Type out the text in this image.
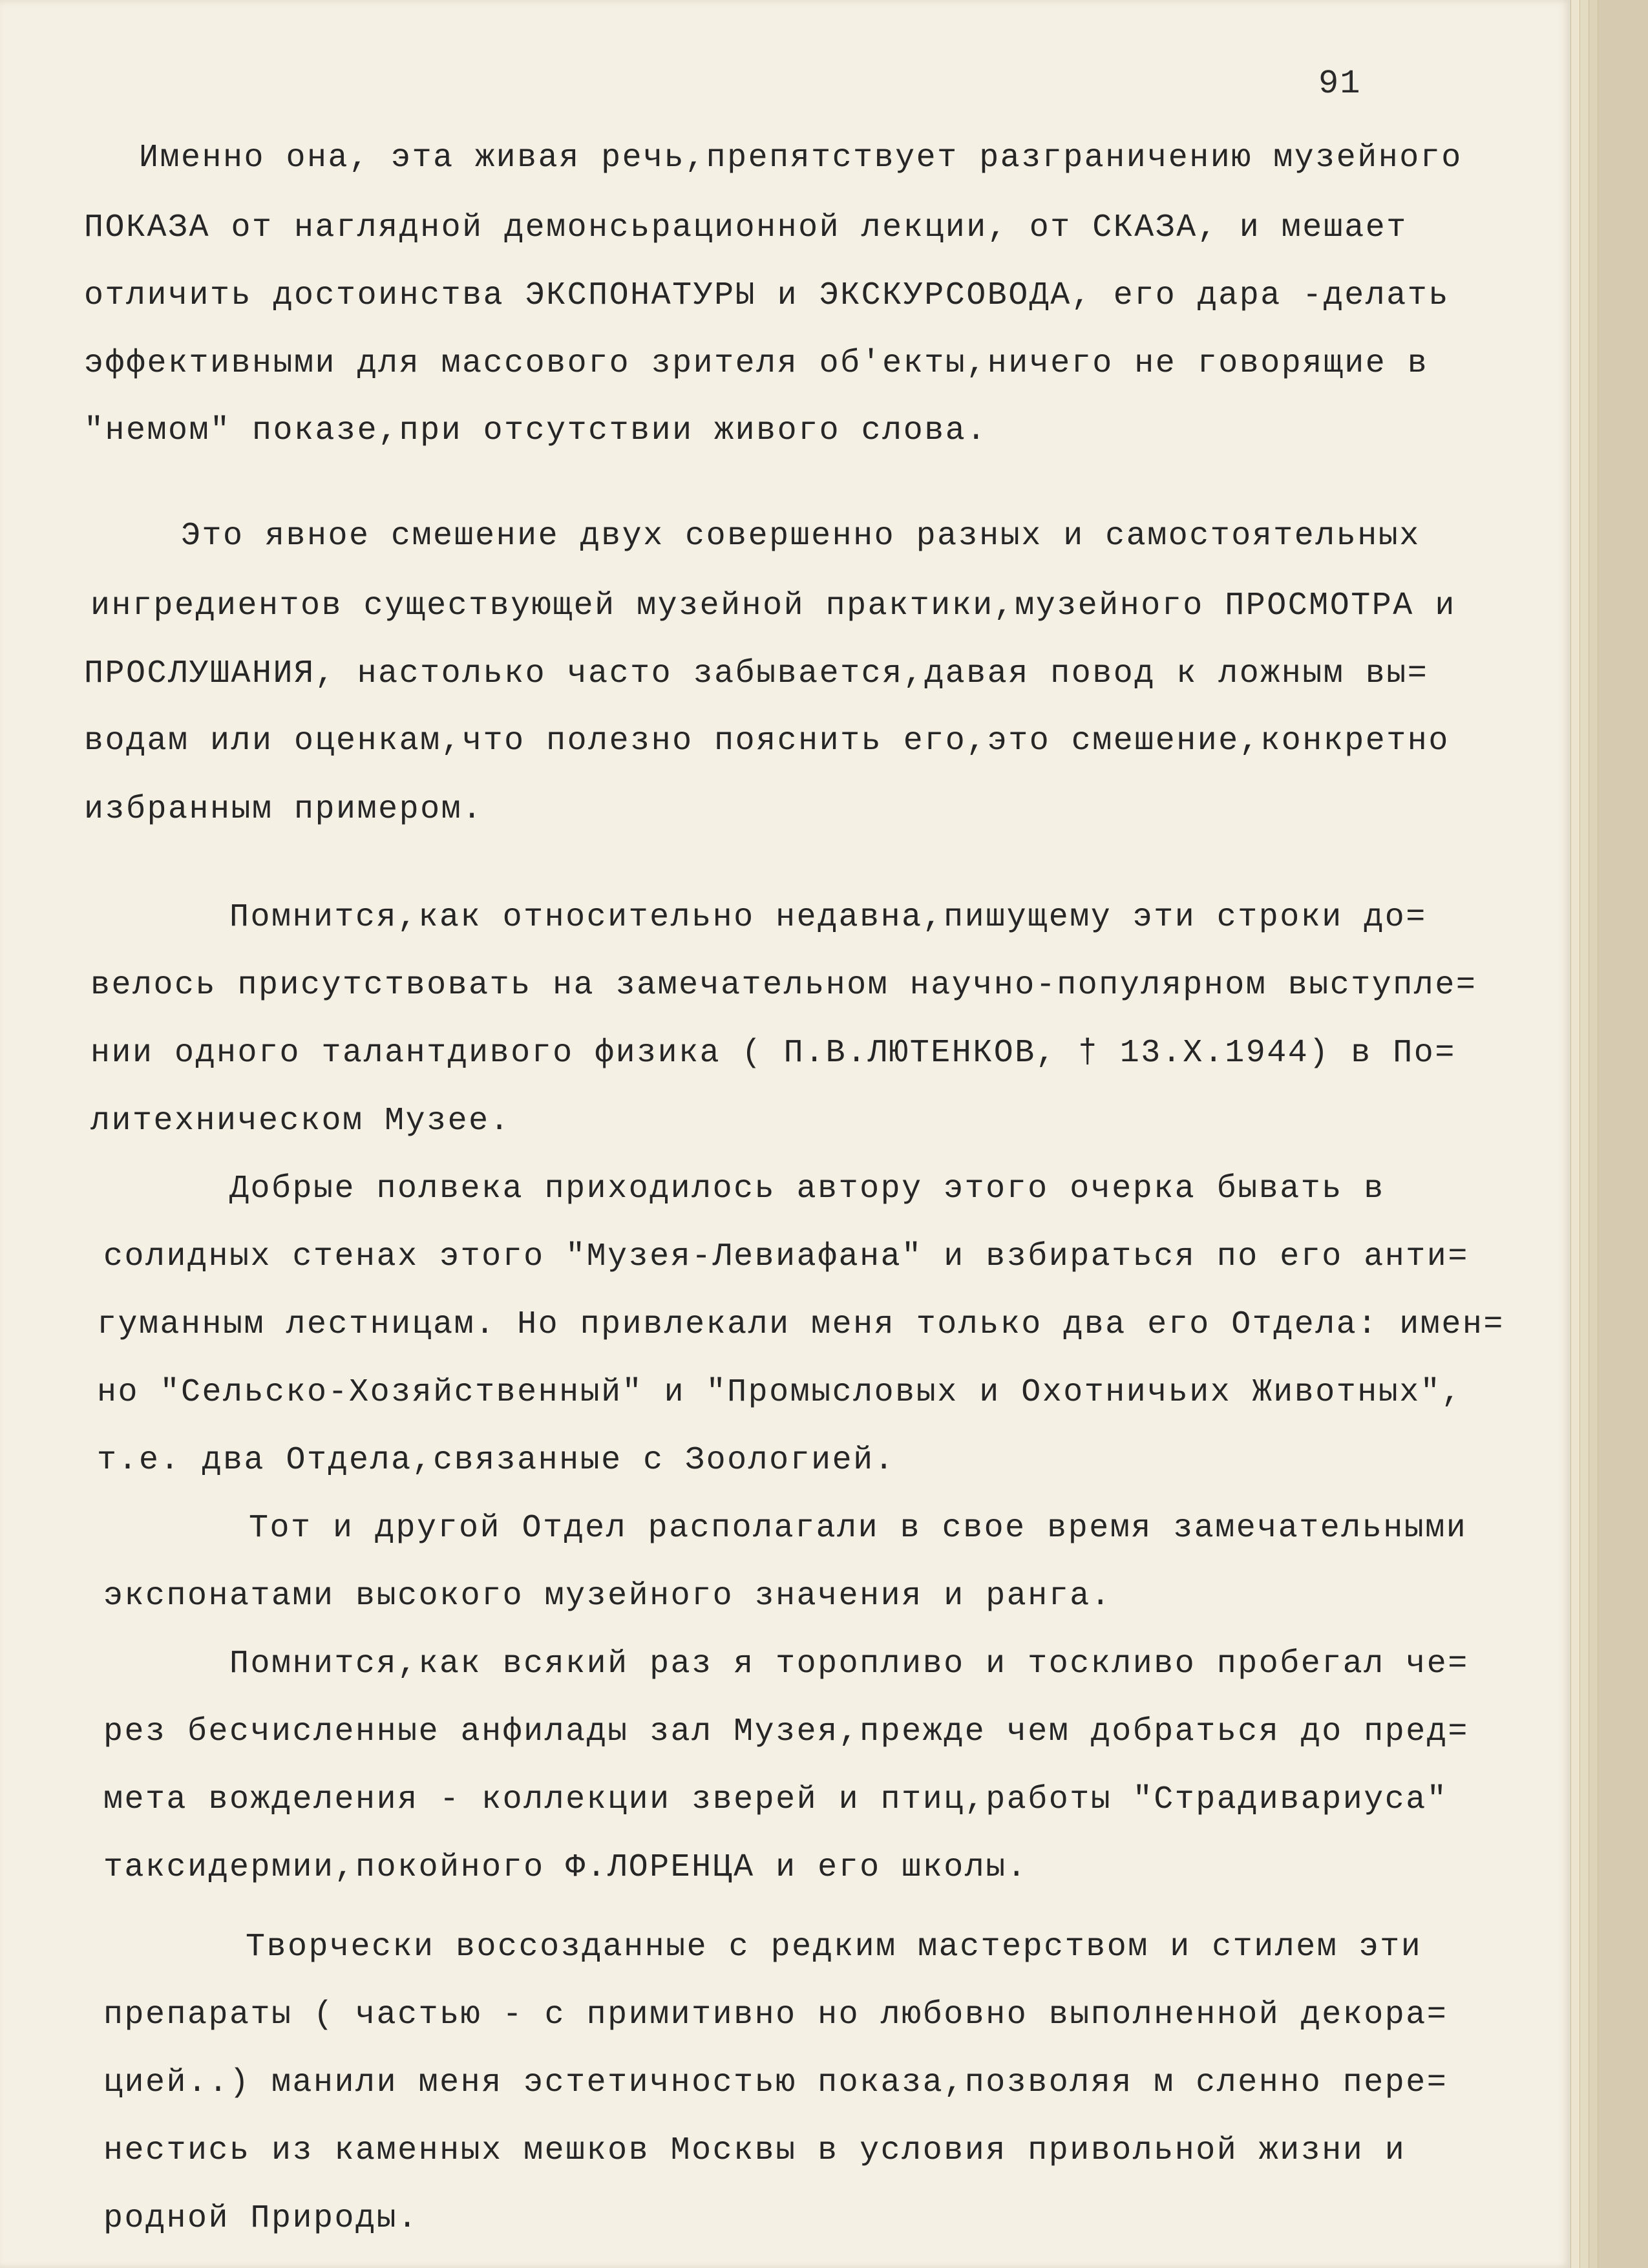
91
Именно она, эта живая речь,препятствует разграничению музейного
ПОКАЗА от наглядной демонсьрационной лекции, от СКАЗА, и мешает
отличить достоинства ЭКСПОНАТУРЫ и ЭКСКУРСОВОДА, его дара -делать
эффективными для массового зрителя об'екты,ничего не говорящие в
"немом" показе,при отсутствии живого слова.
Это явное смешение двух совершенно разных и самостоятельных
ингредиентов существующей музейной практики,музейного ПРОСМОТРА и
ПРОСЛУШАНИЯ, настолько часто забывается,давая повод к ложным вы=
водам или оценкам,что полезно пояснить его,это смешение,конкретно
избранным примером.
Помнится,как относительно недавна,пишущему эти строки до=
велось присутствовать на замечательном научно-популярном выступле=
нии одного талантдивого физика ( П.В.ЛЮТЕНКОВ, † 13.Х.1944) в По=
литехническом Музее.
Добрые полвека приходилось автору этого очерка бывать в
солидных стенах этого "Музея-Левиафана" и взбираться по его анти=
гуманным лестницам. Но привлекали меня только два его Отдела: имен=
но "Сельско-Хозяйственный" и "Промысловых и Охотничьих Животных",
т.е. два Отдела,связанные с Зоологией.
Тот и другой Отдел располагали в свое время замечательными
экспонатами высокого музейного значения и ранга.
Помнится,как всякий раз я торопливо и тоскливо пробегал че=
рез бесчисленные анфилады зал Музея,прежде чем добраться до пред=
мета вожделения - коллекции зверей и птиц,работы "Страдивариуса"
таксидермии,покойного Ф.ЛОРЕНЦА и его школы.
Творчески воссозданные с редким мастерством и стилем эти
препараты ( частью - с примитивно но любовно выполненной декора=
цией..) манили меня эстетичностью показа,позволяя м сленно пере=
нестись из каменных мешков Москвы в условия привольной жизни и
родной Природы.
